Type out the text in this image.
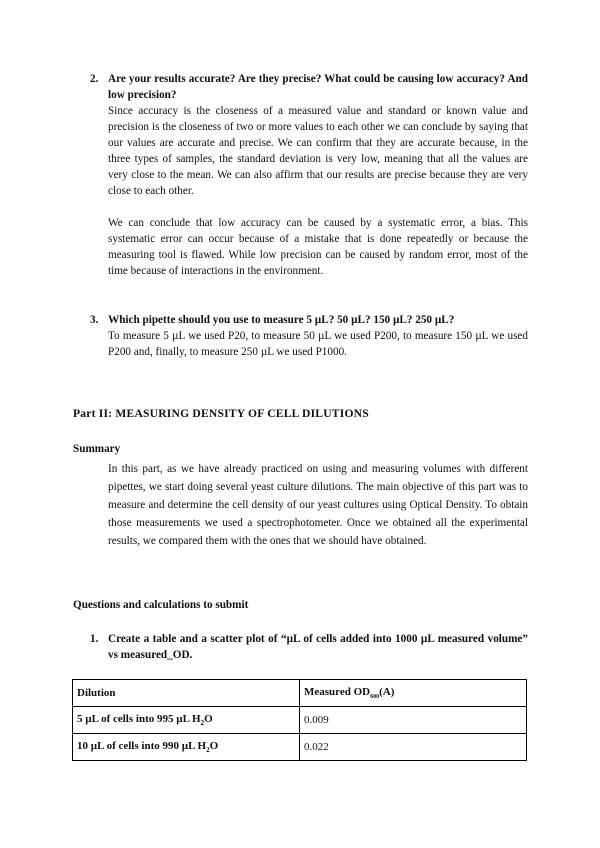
2. Are your results accurate? Are they precise? What could be causing low accuracy? And low precision?

Since accuracy is the closeness of a measured value and standard or known value and precision is the closeness of two or more values to each other we can conclude by saying that our values are accurate and precise. We can confirm that they are accurate because, in the three types of samples, the standard deviation is very low, meaning that all the values are very close to the mean. We can also affirm that our results are precise because they are very close to each other.

We can conclude that low accuracy can be caused by a systematic error, a bias. This systematic error can occur because of a mistake that is done repeatedly or because the measuring tool is flawed. While low precision can be caused by random error, most of the time because of interactions in the environment.

3. Which pipette should you use to measure 5 µL? 50 µL? 150 µL? 250 µL?

To measure 5 µL we used P20, to measure 50 µL we used P200, to measure 150 µL we used P200 and, finally, to measure 250 µL we used P1000.

Part II: MEASURING DENSITY OF CELL DILUTIONS

Summary

In this part, as we have already practiced on using and measuring volumes with different pipettes, we start doing several yeast culture dilutions. The main objective of this part was to measure and determine the cell density of our yeast cultures using Optical Density. To obtain those measurements we used a spectrophotometer. Once we obtained all the experimental results, we compared them with the ones that we should have obtained.

Questions and calculations to submit

1. Create a table and a scatter plot of “µL of cells added into 1000 µL measured volume” vs measured_OD.
Dilution	Measured $OD_{600}(A)$
5 µL of cells into 995 µL $H_2O$	0.009
10 µL of cells into 990 µL $H_2O$	0.022
